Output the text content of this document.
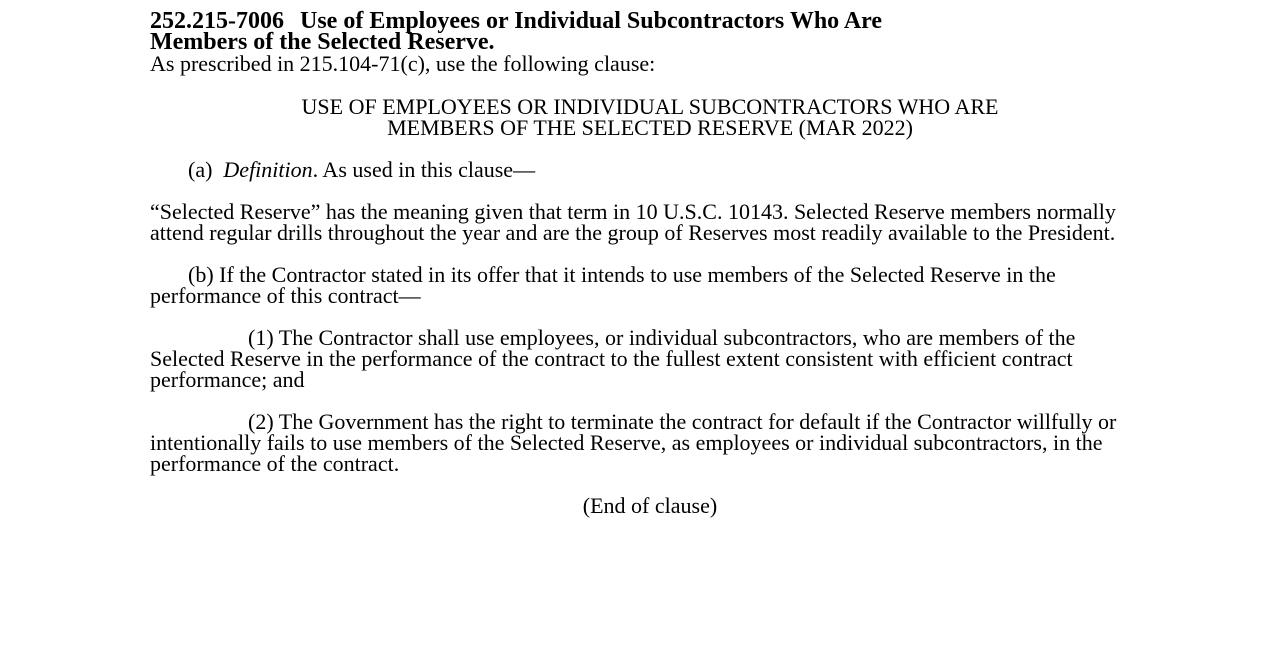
252.215-7006 Use of Employees or Individual Subcontractors Who Are
Members of the Selected Reserve.

As prescribed in 215.104-71(c), use the following clause:

USE OF EMPLOYEES OR INDIVIDUAL SUBCONTRACTORS WHO ARE
MEMBERS OF THE SELECTED RESERVE (MAR 2022)

(a) Definition. As used in this clause—

“Selected Reserve” has the meaning given that term in 10 U.S.C. 10143. Selected Reserve members normally attend regular drills throughout the year and are the group of Reserves most readily available to the President.

(b) If the Contractor stated in its offer that it intends to use members of the Selected Reserve in the performance of this contract—

(1) The Contractor shall use employees, or individual subcontractors, who are members of the Selected Reserve in the performance of the contract to the fullest extent consistent with efficient contract performance; and

(2) The Government has the right to terminate the contract for default if the Contractor willfully or intentionally fails to use members of the Selected Reserve, as employees or individual subcontractors, in the performance of the contract.

(End of clause)
